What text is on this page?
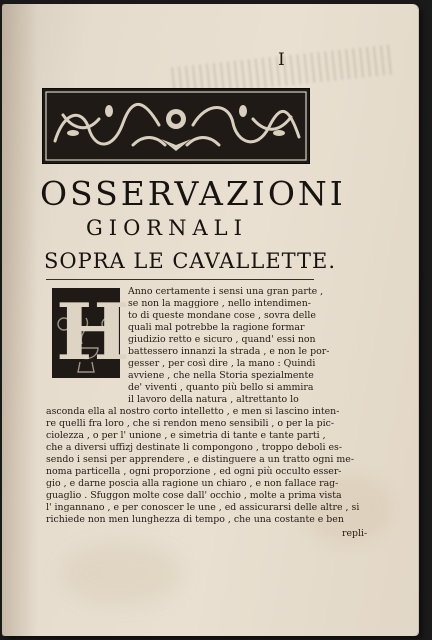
I
OSSERVAZIONI
GIORNALI
SOPRA LE CAVALLETTE.
H
Anno certamente i sensi una gran parte ,
se non la maggiore , nello intendimen-
to di queste mondane cose , sovra delle
quali mal potrebbe la ragione formar
giudizio retto e sicuro , quand' essi non
battessero innanzi la strada , e non le por-
gesser , per così dire , la mano : Quindi
avviene , che nella Storia spezialmente
de' viventi , quanto più bello si ammira
il lavoro della natura , altrettanto lo
asconda ella al nostro corto intelletto , e men si lascino inten-
re quelli fra loro , che si rendon meno sensibili , o per la pic-
ciolezza , o per l' unione , e simetria di tante e tante parti ,
che a diversi uffizj destinate li compongono , troppo deboli es-
sendo i sensi per apprendere , e distinguere a un tratto ogni me-
noma particella , ogni proporzione , ed ogni più occulto esser-
gio , e darne poscia alla ragione un chiaro , e non fallace rag-
guaglio . Sfuggon molte cose dall' occhio , molte a prima vista
l' ingannano , e per conoscer le une , ed assicurarsi delle altre , si
richiede non men lunghezza di tempo , che una costante e ben
repli-
